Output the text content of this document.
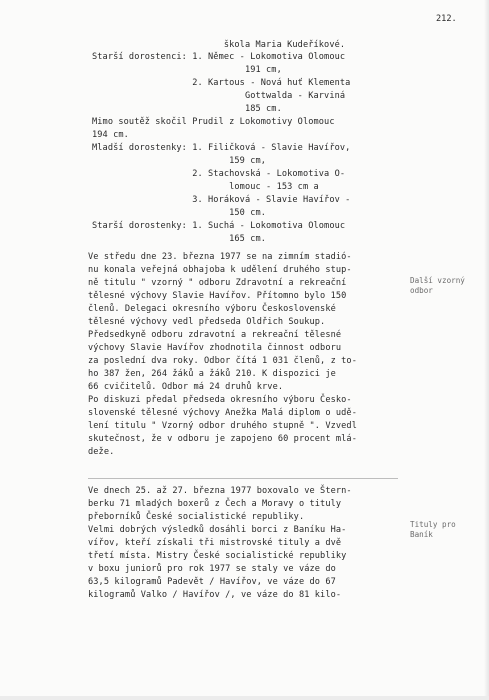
212.
škola Maria Kudeříkové.
Starší dorostenci: 1. Němec - Lokomotiva Olomouc
191 cm,
2. Kartous - Nová huť Klementa
Gottwalda - Karviná
185 cm.
Mimo soutěž skočil Prudil z Lokomotivy Olomouc
194 cm.
Mladší dorostenky: 1. Filičková - Slavie Havířov,
159 cm,
2. Stachovská - Lokomotiva O-
lomouc - 153 cm a
3. Horáková - Slavie Havířov -
150 cm.
Starší dorostenky: 1. Suchá - Lokomotiva Olomouc
165 cm.
Ve středu dne 23. března 1977 se na zimním stadió-
nu konala veřejná obhajoba k udělení druhého stup-
ně titulu " vzorný " odboru Zdravotní a rekreační
tělesné výchovy Slavie Havířov. Přítomno bylo 150
členů. Delegaci okresního výboru Československé
tělesné výchovy vedl předseda Oldřich Soukup.
Předsedkyně odboru zdravotní a rekreační tělesné
výchovy Slavie Havířov zhodnotila činnost odboru
za poslední dva roky. Odbor čítá 1 031 členů, z to-
ho 387 žen, 264 žáků a žáků 210. K dispozici je
66 cvičitelů. Odbor má 24 druhů krve.
Po diskuzi předal předseda okresního výboru Česko-
slovenské tělesné výchovy Anežka Malá diplom o udě-
lení titulu " Vzorný odbor druhého stupně ". Vzvedl
skutečnost, že v odboru je zapojeno 60 procent mlá-
deže.
Ve dnech 25. až 27. března 1977 boxovalo ve Štern-
berku 71 mladých boxerů z Čech a Moravy o tituly
přeborníků České socialistické republiky.
Velmi dobrých výsledků dosáhli borci z Baníku Ha-
vířov, kteří získali tři mistrovské tituly a dvě
třetí místa. Mistry České socialistické republiky
v boxu juniorů pro rok 1977 se staly ve váze do
63,5 kilogramů Padevět / Havířov, ve váze do 67
kilogramů Valko / Havířov /, ve váze do 81 kilo-
Další vzorný
odbor
Tituly pro
Baník
